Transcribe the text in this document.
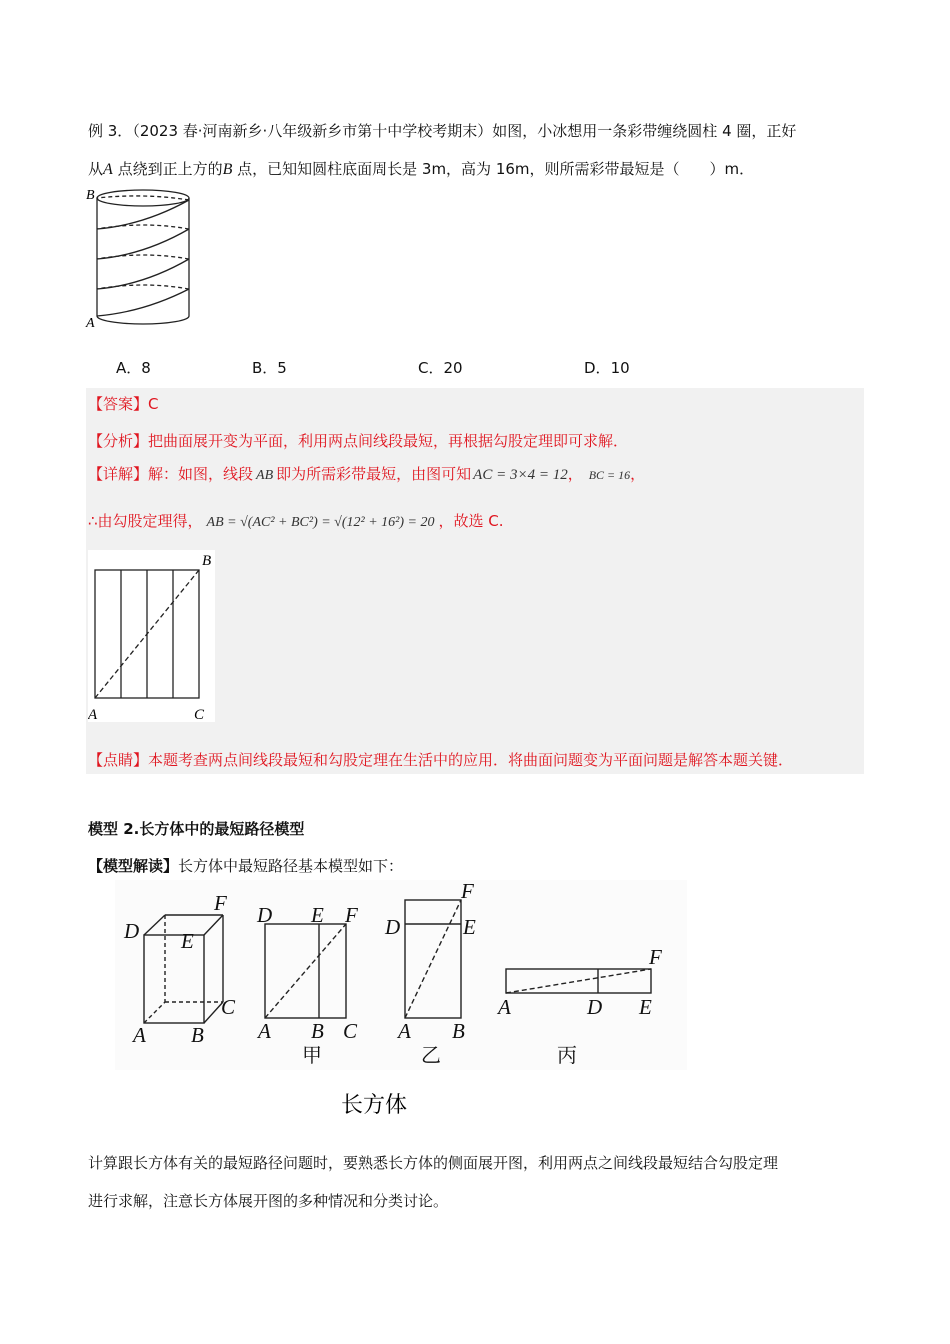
例 3．（2023 春·河南新乡·八年级新乡市第十中学校考期末）如图，小冰想用一条彩带缠绕圆柱 4 圈，正好
从A 点绕到正上方的B 点，已知知圆柱底面周长是 3m，高为 16m，则所需彩带最短是（　　）m．
B
A
A．8	B．5	C．20	D．10
【答案】C
【分析】把曲面展开变为平面，利用两点间线段最短，再根据勾股定理即可求解．
【详解】解：如图，线段 AB 即为所需彩带最短，由图可知 AC = 3×4 = 12， BC = 16，
∴由勾股定理得， AB = √(AC² + BC²) = √(12² + 16²) = 20 ，故选 C.
B
A	C
【点睛】本题考查两点间线段最短和勾股定理在生活中的应用．将曲面问题变为平面问题是解答本题关键．
模型 2.长方体中的最短路径模型
【模型解读】长方体中最短路径基本模型如下：
D E
F
A B
C
D E F
A B C
F
D	E
A B
F
A	D E
甲	乙	丙
长方体
计算跟长方体有关的最短路径问题时，要熟悉长方体的侧面展开图，利用两点之间线段最短结合勾股定理
进行求解，注意长方体展开图的多种情况和分类讨论。
